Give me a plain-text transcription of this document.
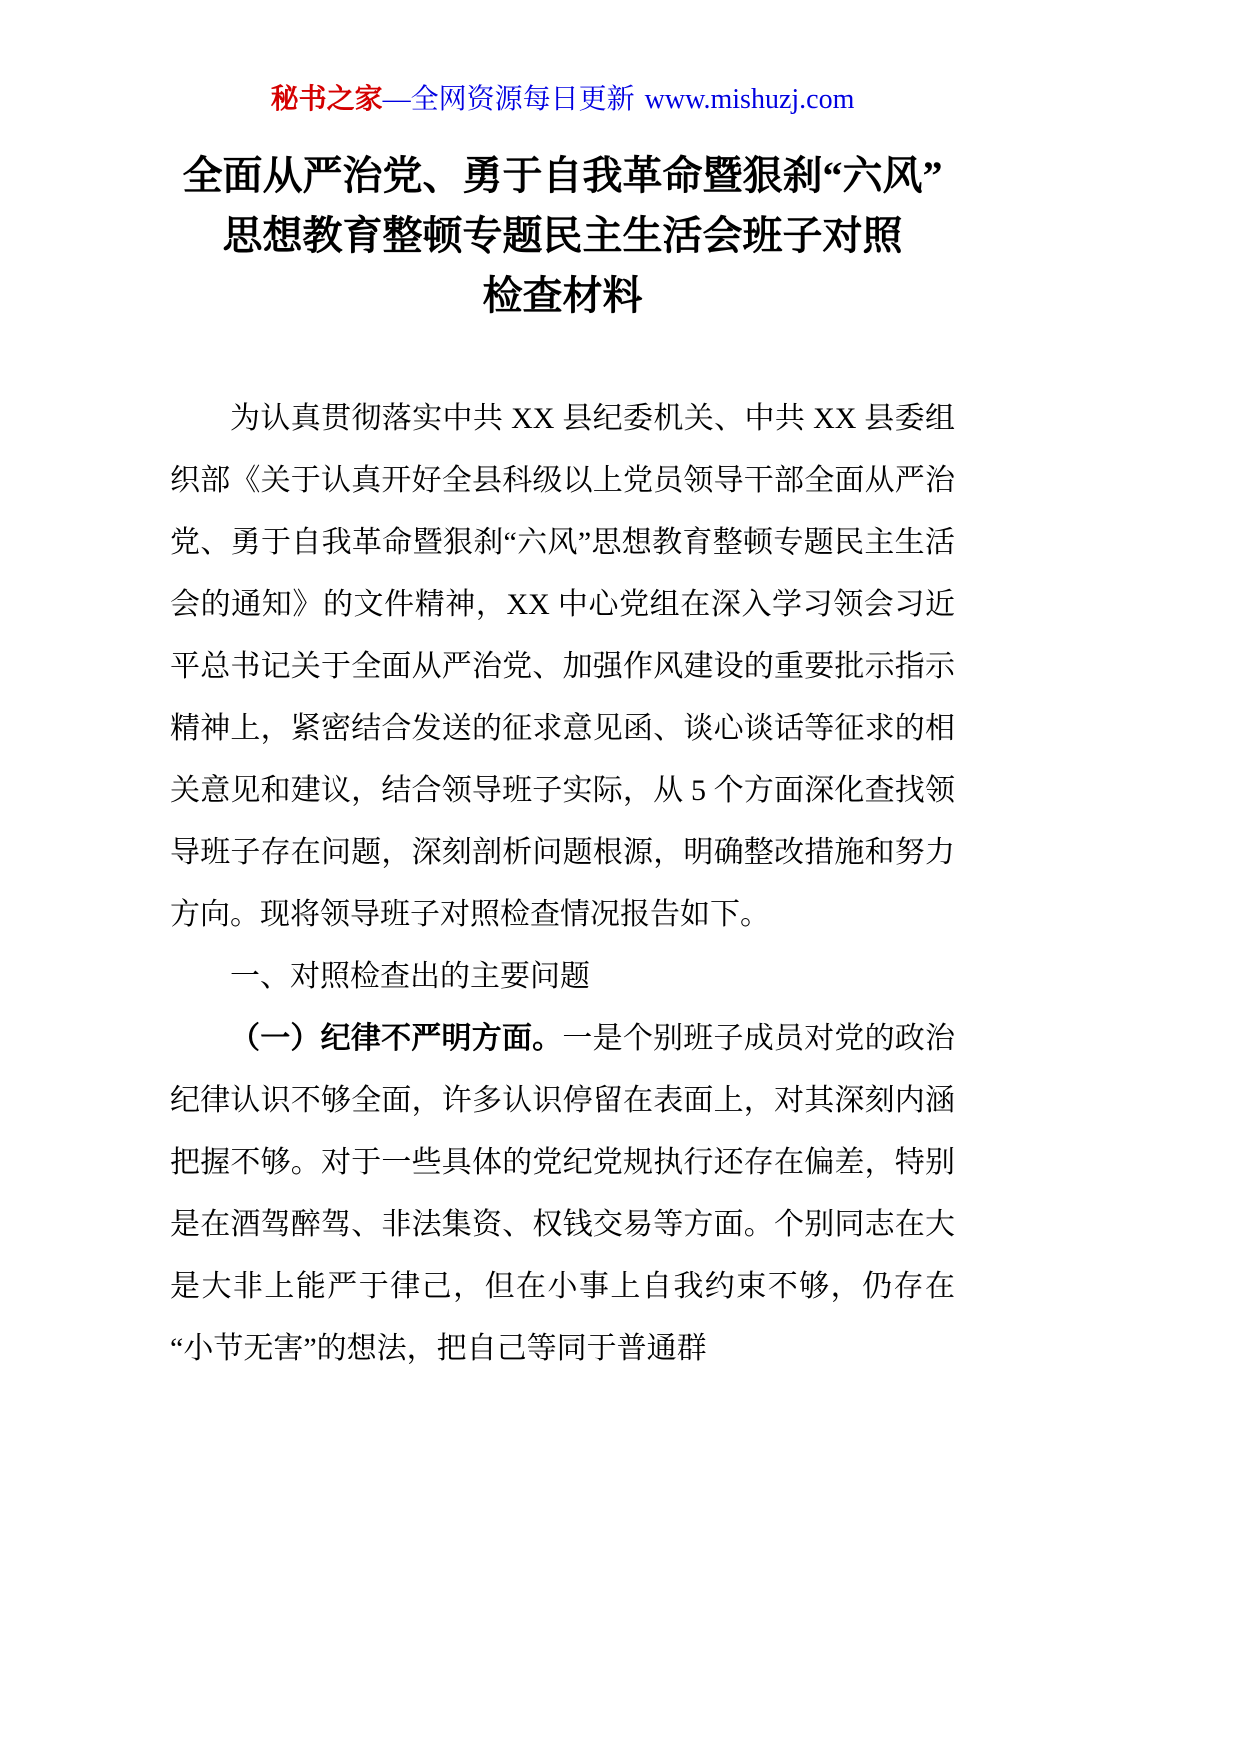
秘书之家—全网资源每日更新 www.mishuzj.com
全面从严治党、勇于自我革命暨狠刹“六风”思想教育整顿专题民主生活会班子对照
检查材料

为认真贯彻落实中共 XX 县纪委机关、中共 XX 县委组织部《关于认真开好全县科级以上党员领导干部全面从严治党、勇于自我革命暨狠刹“六风”思想教育整顿专题民主生活会的通知》的文件精神，XX 中心党组在深入学习领会习近平总书记关于全面从严治党、加强作风建设的重要批示指示精神上，紧密结合发送的征求意见函、谈心谈话等征求的相关意见和建议，结合领导班子实际，从 5 个方面深化查找领导班子存在问题，深刻剖析问题根源，明确整改措施和努力方向。现将领导班子对照检查情况报告如下。

一、对照检查出的主要问题

（一）纪律不严明方面。一是个别班子成员对党的政治纪律认识不够全面，许多认识停留在表面上，对其深刻内涵把握不够。对于一些具体的党纪党规执行还存在偏差，特别是在酒驾醉驾、非法集资、权钱交易等方面。个别同志在大是大非上能严于律己，但在小事上自我约束不够，仍存在“小节无害”的想法，把自己等同于普通群
